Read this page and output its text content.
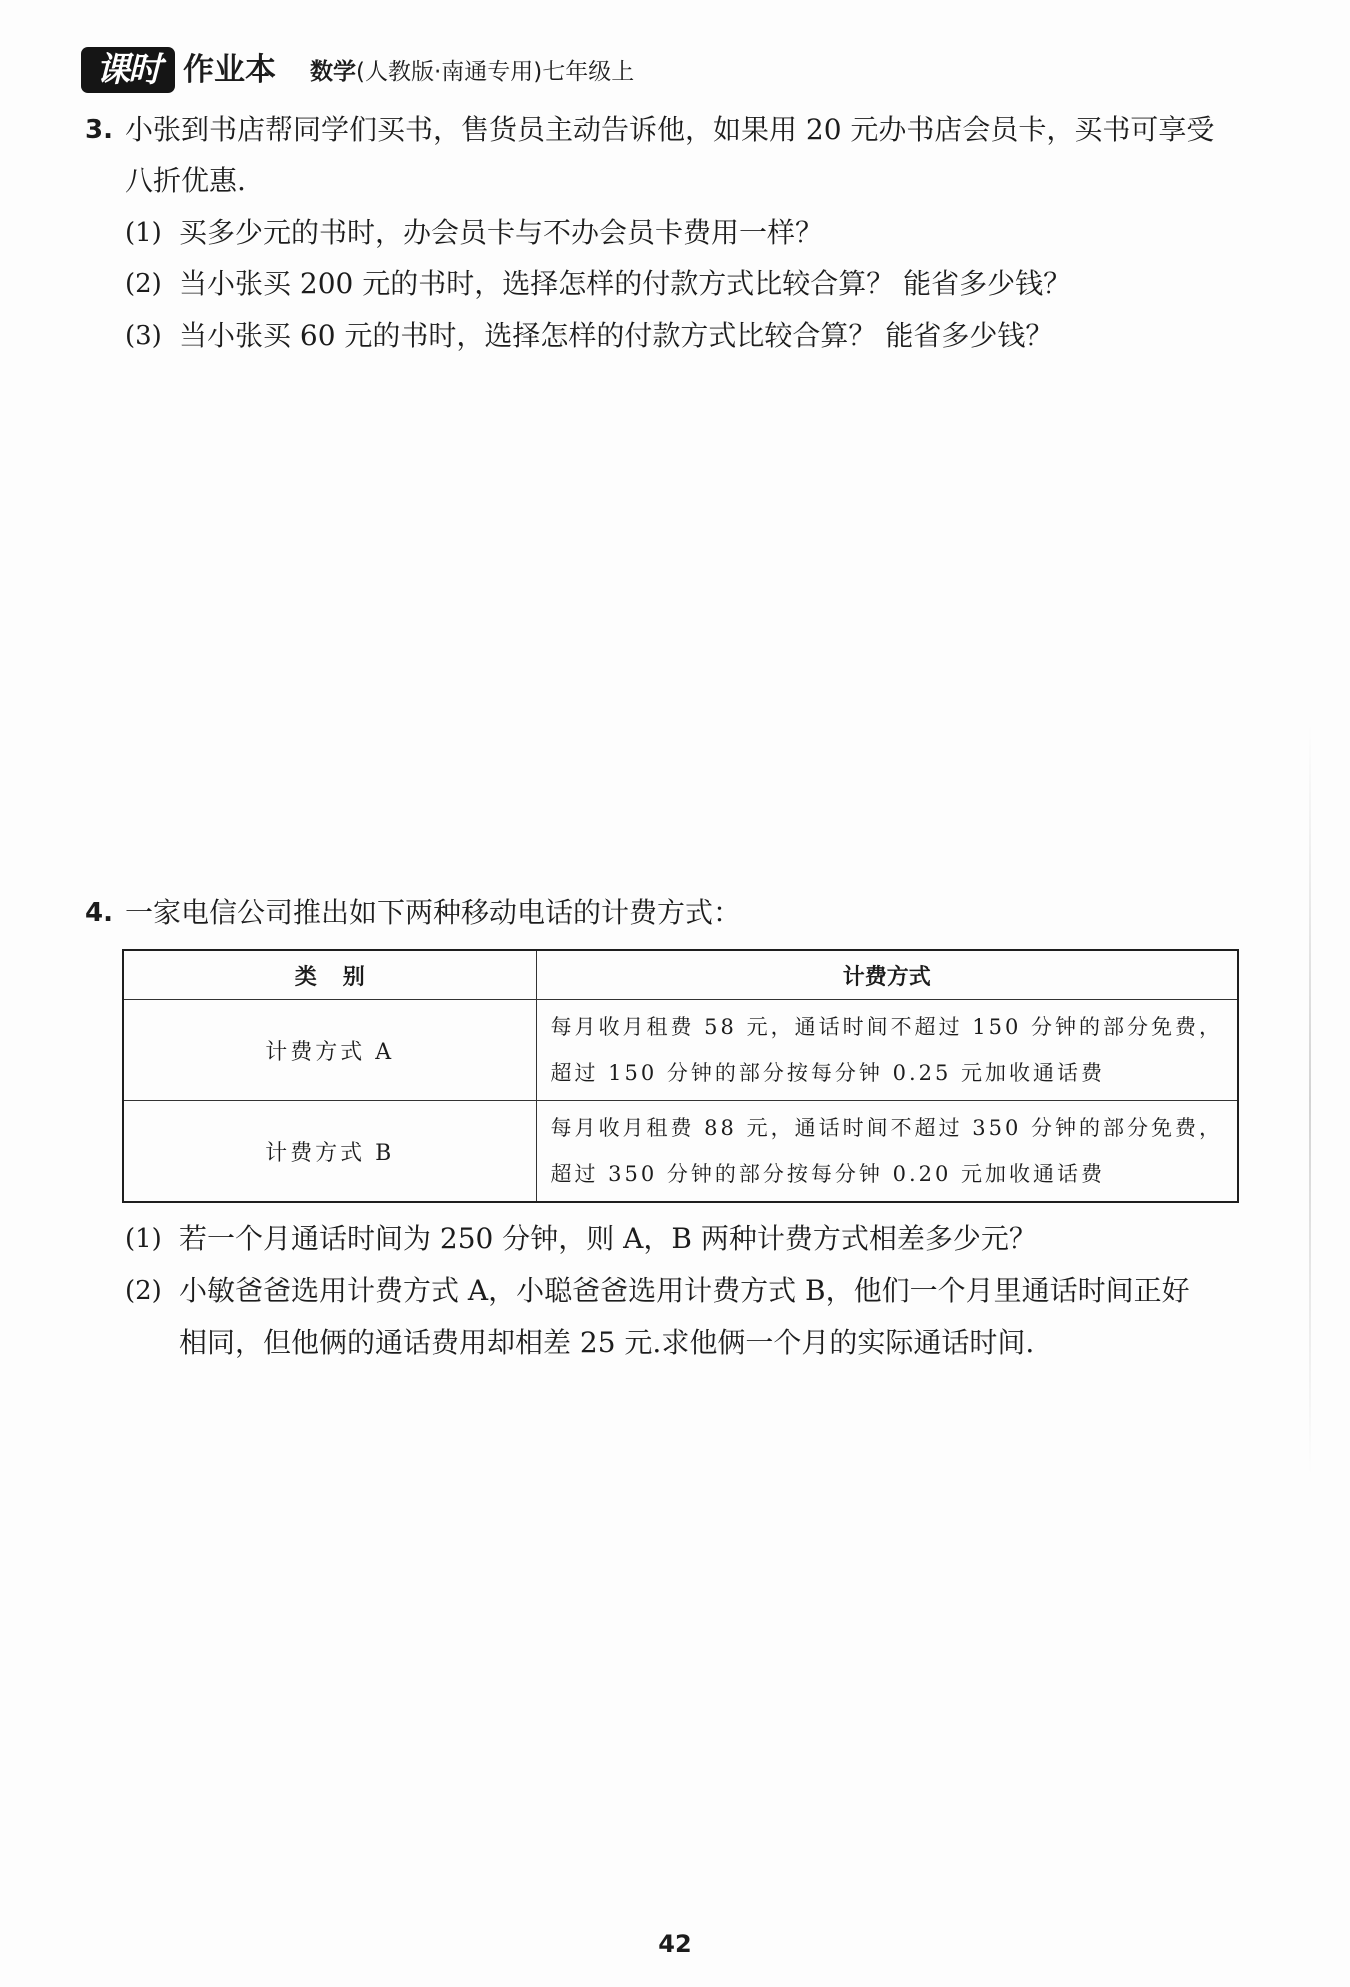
课时 作业本 数学(人教版·南通专用)七年级上
3. 小张到书店帮同学们买书，售货员主动告诉他，如果用 20 元办书店会员卡，买书可享受
八折优惠.
(1) 买多少元的书时，办会员卡与不办会员卡费用一样？
(2) 当小张买 200 元的书时，选择怎样的付款方式比较合算？ 能省多少钱？
(3) 当小张买 60 元的书时，选择怎样的付款方式比较合算？ 能省多少钱？
4. 一家电信公司推出如下两种移动电话的计费方式：
类别	计费方式
计费方式 A	每月收月租费 58 元，通话时间不超过 150 分钟的部分免费，
超过 150 分钟的部分按每分钟 0.25 元加收通话费

计费方式 B	每月收月租费 88 元，通话时间不超过 350 分钟的部分免费，
超过 350 分钟的部分按每分钟 0.20 元加收通话费
(1) 若一个月通话时间为 250 分钟，则 A，B 两种计费方式相差多少元？
(2) 小敏爸爸选用计费方式 A，小聪爸爸选用计费方式 B，他们一个月里通话时间正好
相同，但他俩的通话费用却相差 25 元.求他俩一个月的实际通话时间.
42
